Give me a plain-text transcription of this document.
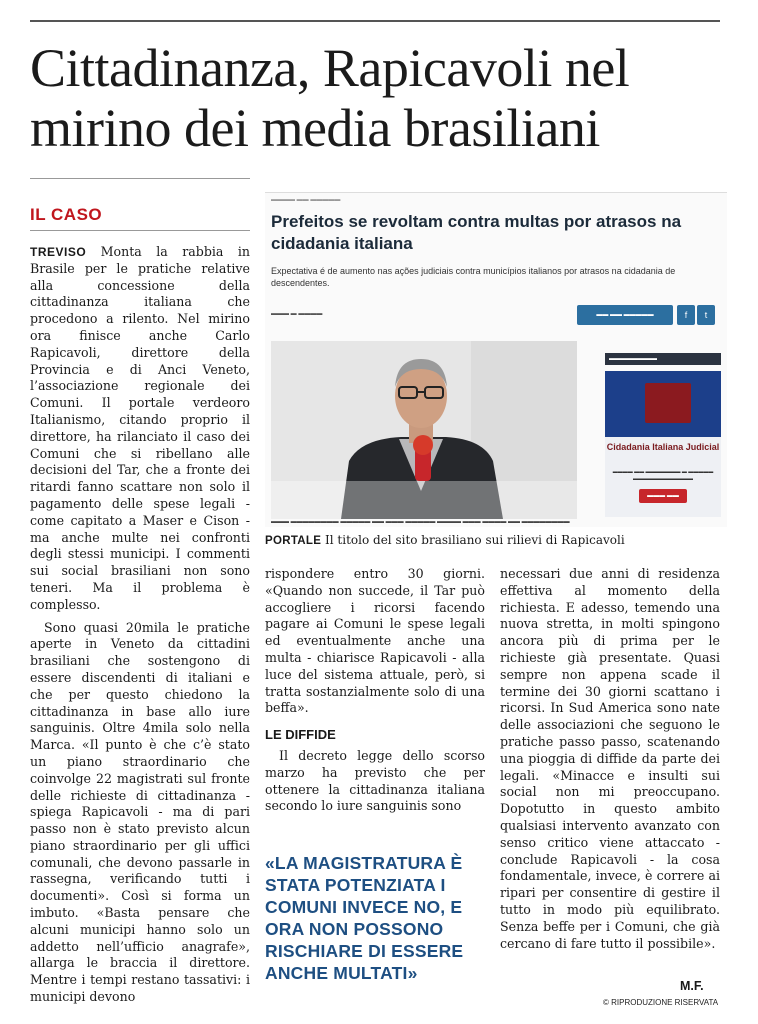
Cittadinanza, Rapicavoli nel mirino dei media brasiliani
IL CASO

TREVISO Monta la rabbia in Brasile per le pratiche relative alla concessione della cittadinanza italiana che procedono a rilento. Nel mirino ora finisce anche Carlo Rapicavoli, direttore della Provincia e di Anci Veneto, l’associazione regionale dei Comuni. Il portale verdeoro Italianismo, citando proprio il direttore, ha rilanciato il caso dei Comuni che si ribellano alle decisioni del Tar, che a fronte dei ritardi fanno scattare non solo il pagamento delle spese legali - come capitato a Maser e Cison - ma anche multe nei confronti degli stessi municipi. I commenti sui social brasiliani non sono teneri. Ma il problema è complesso.

Sono quasi 20mila le pratiche aperte in Veneto da cittadini brasiliani che sostengono di essere discendenti di italiani e che per questo chiedono la cittadinanza in base allo iure sanguinis. Oltre 4mila solo nella Marca. «Il punto è che c’è stato un piano straordinario che coinvolge 22 magistrati sul fronte delle richieste di cittadinanza - spiega Rapicavoli - ma di pari passo non è stato previsto alcun piano straordinario per gli uffici comunali, che devono passarle in rassegna, verificando tutti i documenti». Così si forma un imbuto. «Basta pensare che alcuni municipi hanno solo un addetto nell’ufficio anagrafe», allarga le braccia il direttore. Mentre i tempi restano tassativi: i municipi devono

▬▬▬▬ ▬▬ ▬▬▬▬▬
Prefeitos se revoltam contra multas por atrasos na cidadania italiana
Expectativa é de aumento nas ações judiciais contra municípios italianos por atrasos na cidadania de descendentes.
▬▬▬ ▬ ▬▬▬▬	▬▬ ▬▬ ▬▬▬▬▬	f	t
▬▬▬ ▬▬▬▬▬▬▬▬ ▬▬▬▬▬ ▬▬ ▬▬▬ ▬▬▬▬▬ ▬▬▬▬ ▬▬▬ ▬▬▬▬ ▬▬ ▬▬▬▬▬▬▬▬
▬▬▬▬▬▬▬▬
Cidadania Italiana Judicial
▬▬▬▬ ▬▬ ▬▬▬▬▬▬▬ ▬ ▬▬▬▬▬ ▬▬▬▬▬▬▬▬▬▬▬▬
▬▬▬ ▬▬
PORTALE Il titolo del sito brasiliano sui rilievi di Rapicavoli

rispondere entro 30 giorni. «Quando non succede, il Tar può accogliere i ricorsi facendo pagare ai Comuni le spese legali ed eventualmente anche una multa - chiarisce Rapicavoli - alla luce del sistema attuale, però, si tratta sostanzialmente solo di una beffa».

LE DIFFIDE

Il decreto legge dello scorso marzo ha previsto che per ottenere la cittadinanza italiana secondo lo iure sanguinis sono

«LA MAGISTRATURA È STATA POTENZIATA I COMUNI INVECE NO, E ORA NON POSSONO RISCHIARE DI ESSERE ANCHE MULTATI»

necessari due anni di residenza effettiva al momento della richiesta. E adesso, temendo una nuova stretta, in molti spingono ancora più di prima per le richieste già presentate. Quasi sempre non appena scade il termine dei 30 giorni scattano i ricorsi. In Sud America sono nate delle associazioni che seguono le pratiche passo passo, scatenando una pioggia di diffide da parte dei legali. «Minacce e insulti sui social non mi preoccupano. Dopotutto in questo ambito qualsiasi intervento avanzato con senso critico viene attaccato - conclude Rapicavoli - la cosa fondamentale, invece, è correre ai ripari per consentire di gestire il tutto in modo più equilibrato. Senza beffe per i Comuni, che già cercano di fare tutto il possibile».

M.F.
© RIPRODUZIONE RISERVATA
